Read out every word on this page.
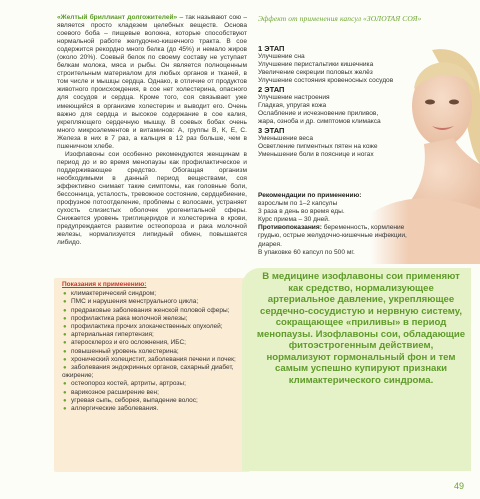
«Желтый бриллиант долгожителей» – так называют сою – является просто кладезем целебных веществ. Основа соевого боба – пищевые волокна, которые способствуют нормальной работе желудочно-кишечного тракта. В сое содержится рекордно много белка (до 45%) и немало жиров (около 20%). Соевый белок по своему составу не уступает белкам молока, мяса и рыбы. Он является полноценным строительным материалом для любых органов и тканей, в том числе и мышцы сердца. Однако, в отличие от продуктов животного происхождения, в сое нет холестерина, опасного для сосудов и сердца. Кроме того, соя связывает уже имеющийся в организме холестерин и выводит его. Очень важно для сердца и высокое содержание в сое калия, укрепляющего сердечную мышцу. В соевых бобах очень много микроэлементов и витаминов: А, группы В, К, Е, С. Железа в них в 7 раз, а кальция в 12 раз больше, чем в пшеничном хлебе.

Изофлавоны сои особенно рекомендуются женщинам в период до и во время менопаузы как профилактическое и поддерживающее средство. Обогащая организм необходимыми в данный период веществами, соя эффективно снимает такие симптомы, как головные боли, бессонница, усталость, тревожное состояние, сердцебиение, профузное потоотделение, проблемы с волосами, устраняет сухость слизистых оболочек урогенитальной сферы. Снижается уровень триглицеридов и холестерина в крови, предупреждается развитие остеопороза и рака молочной железы, нормализуется липидный обмен, повышается либидо.

Показания к применению:
● климактерический синдром;
● ПМС и нарушения менструального цикла;
● предраковые заболевания женской половой сферы;
● профилактика рака молочной железы;
● профилактика прочих злокачественных опухолей;
● артериальная гипертензия;
● атеросклероз и его осложнения, ИБС;
● повышенный уровень холестерина;
● хронический холецистит, заболевания печени и почек;
● заболевания эндокринных органов, сахарный диабет,
ожирение;
● остеопороз костей, артриты, артрозы;
● варикозное расширение вен;
● угревая сыпь, себорея, выпадение волос;
● аллергические заболевания.
Эффект от применения капсул «ЗОЛОТАЯ СОЯ»
1 ЭТАП
Улучшение сна
Улучшение перистальтики кишечника
Увеличение секреции половых желёз
Улучшение состояния кровеносных сосудов
2 ЭТАП
Улучшение настроения
Гладкая, упругая кожа
Ослабление и исчезновение приливов,
жара, озноба и др. симптомов климакса
3 ЭТАП
Уменьшение веса
Осветление пигментных пятен на коже
Уменьшение боли в пояснице и ногах
Рекомендации по применению:
взрослым по 1–2 капсулы
3 раза в день во время еды.
Курс приема – 30 дней.
Противопоказания: беременность, кормление грудью, острые желудочно-кишечные инфекции, диарея.
В упаковке 60 капсул по 500 мг.
В медицине изофлавоны сои применяют как средство, нормализующее артериальное давление, укрепляющее сердечно-сосудистую и нервную систему, сокращающее «приливы» в период менопаузы. Изофлавоны сои, обладающие фитоэстрогенным действием, нормализуют гормональный фон и тем самым успешно купируют признаки климактерического синдрома.
49
